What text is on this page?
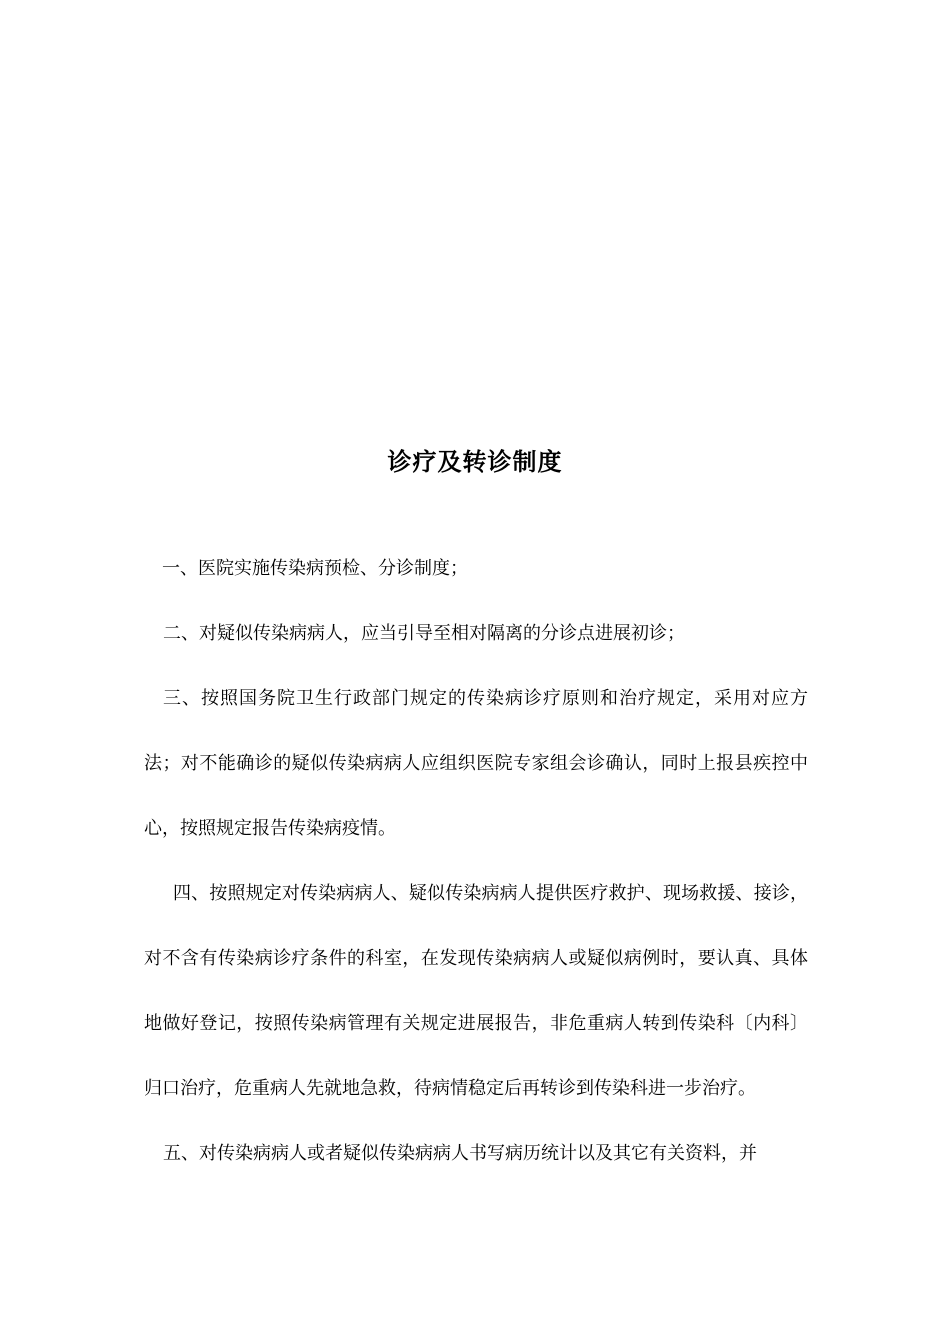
诊疗及转诊制度

一、医院实施传染病预检、分诊制度；

二、对疑似传染病病人，应当引导至相对隔离的分诊点进展初诊；

三、按照国务院卫生行政部门规定的传染病诊疗原则和治疗规定，采用对应方法；对不能确诊的疑似传染病病人应组织医院专家组会诊确认，同时上报县疾控中心，按照规定报告传染病疫情。

四、按照规定对传染病病人、疑似传染病病人提供医疗救护、现场救援、接诊，对不含有传染病诊疗条件的科室，在发现传染病病人或疑似病例时，要认真、具体地做好登记，按照传染病管理有关规定进展报告，非危重病人转到传染科〔内科〕归口治疗，危重病人先就地急救，待病情稳定后再转诊到传染科进一步治疗。

五、对传染病病人或者疑似传染病病人书写病历统计以及其它有关资料，并
